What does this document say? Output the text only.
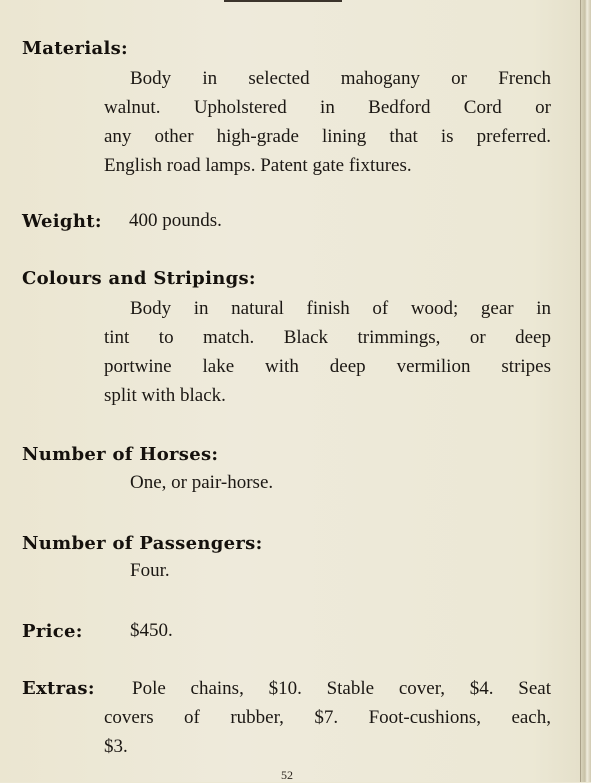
Materials:
Body in selected mahogany or French
walnut. Upholstered in Bedford Cord or
any other high-grade lining that is preferred.
English road lamps. Patent gate fixtures.
Weight: 400 pounds.
Colours and Stripings:
Body in natural finish of wood; gear in
tint to match. Black trimmings, or deep
portwine lake with deep vermilion stripes
split with black.
Number of Horses:
One, or pair-horse.
Number of Passengers:
Four.
Price: $450.
Extras:	Pole chains, $10. Stable cover, $4. Seat
covers of rubber, $7. Foot-cushions, each,
$3.
52
